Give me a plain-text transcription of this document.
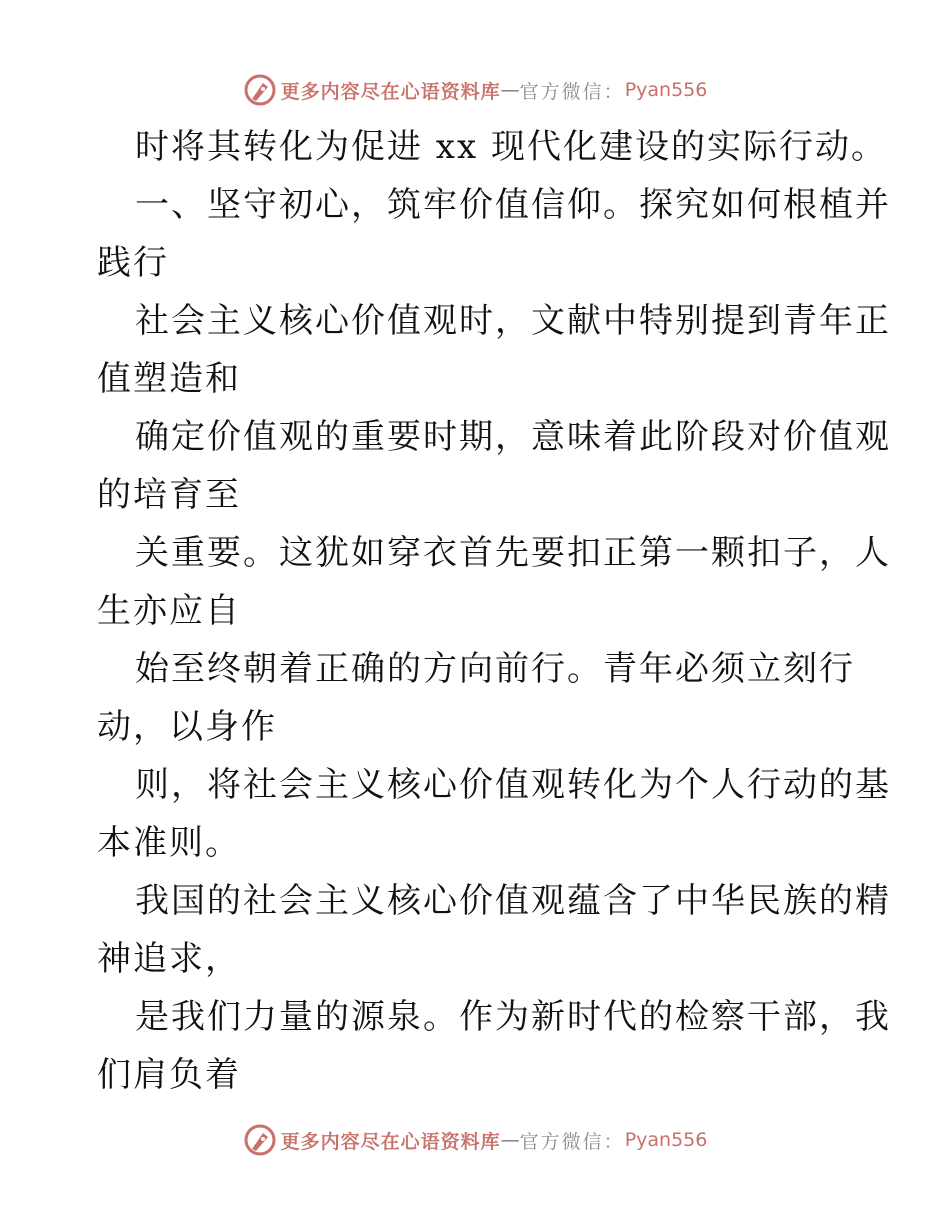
更多内容尽在心语资料库 — 官方微信： Pyan556
时将其转化为促进 xx 现代化建设的实际行动。
一、坚守初心，筑牢价值信仰。探究如何根植并
践行
社会主义核心价值观时，文献中特别提到青年正
值塑造和
确定价值观的重要时期，意味着此阶段对价值观
的培育至
关重要。这犹如穿衣首先要扣正第一颗扣子，人
生亦应自
始至终朝着正确的方向前行。青年必须立刻行
动，以身作
则，将社会主义核心价值观转化为个人行动的基
本准则。
我国的社会主义核心价值观蕴含了中华民族的精
神追求，
是我们力量的源泉。作为新时代的检察干部，我
们肩负着
更多内容尽在心语资料库 — 官方微信： Pyan556
